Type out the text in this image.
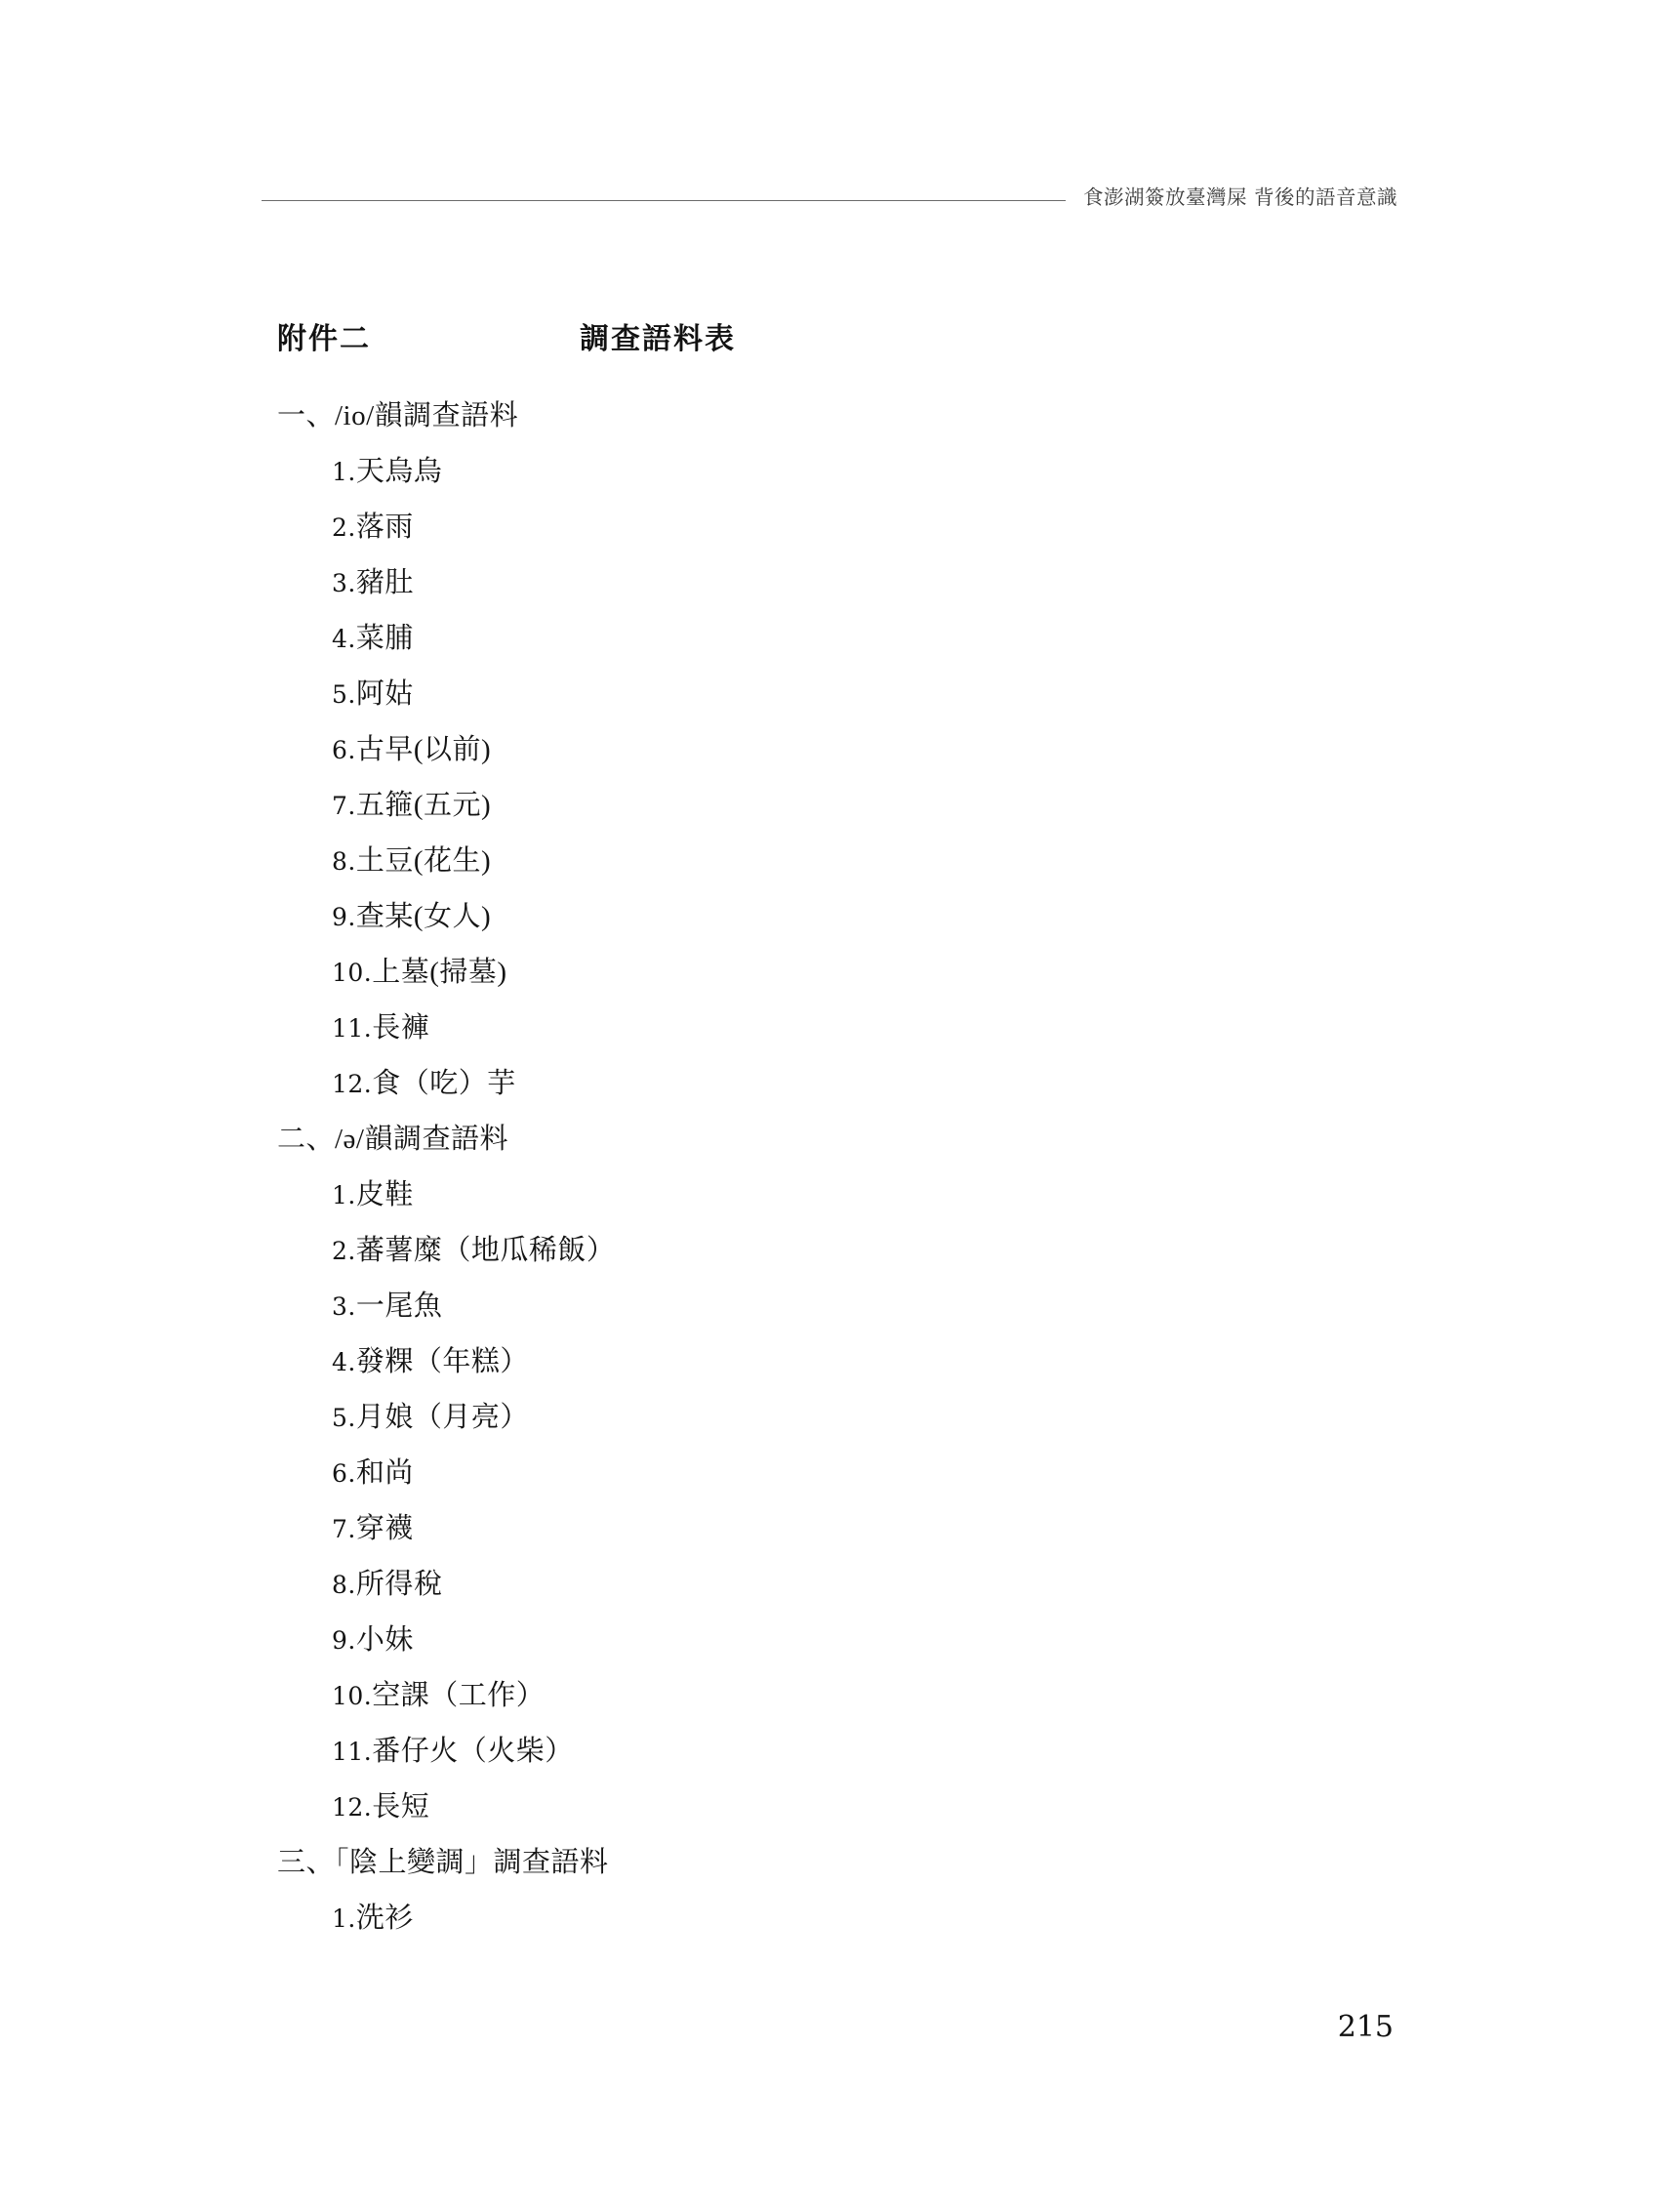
食澎湖簽放臺灣屎 背後的語音意識
附件二	調查語料表
一、/io/韻調查語料
1.天烏烏
2.落雨
3.豬肚
4.菜脯
5.阿姑
6.古早(以前)
7.五箍(五元)
8.土豆(花生)
9.查某(女人)
10.上墓(掃墓)
11.長褲
12.食（吃）芋
二、/ə/韻調查語料
1.皮鞋
2.蕃薯糜（地瓜稀飯）
3.一尾魚
4.發粿（年糕）
5.月娘（月亮）
6.和尚
7.穿襪
8.所得稅
9.小妹
10.空課（工作）
11.番仔火（火柴）
12.長短
三、「陰上變調」調查語料
1.洗衫
215
